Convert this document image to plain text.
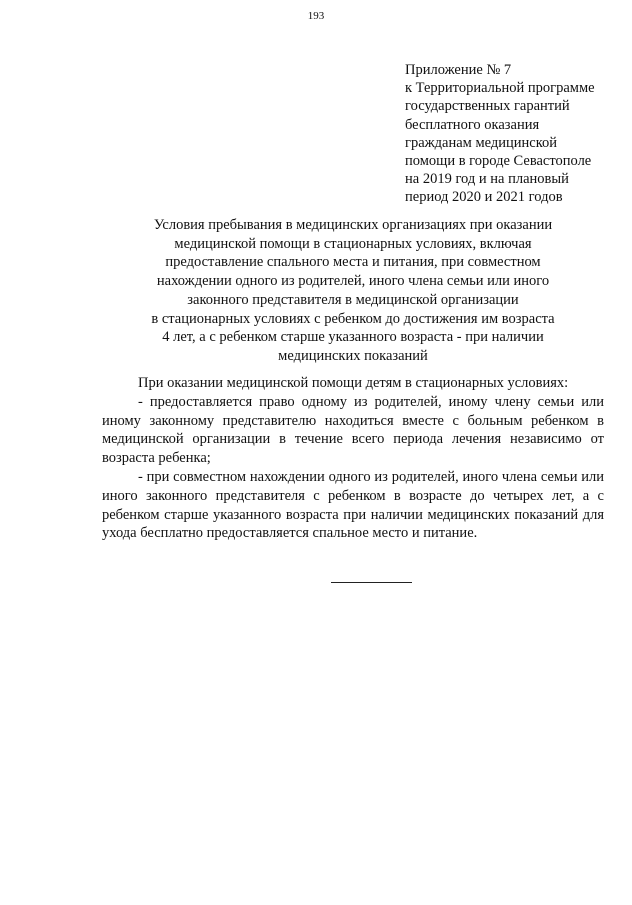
193
Приложение № 7
к Территориальной программе
государственных гарантий
бесплатного оказания
гражданам медицинской
помощи в городе Севастополе
на 2019 год и на плановый
период 2020 и 2021 годов
Условия пребывания в медицинских организациях при оказании
медицинской помощи в стационарных условиях, включая
предоставление спального места и питания, при совместном
нахождении одного из родителей, иного члена семьи или иного
законного представителя в медицинской организации
в стационарных условиях с ребенком до достижения им возраста
4 лет, а с ребенком старше указанного возраста - при наличии
медицинских показаний

При оказании медицинской помощи детям в стационарных условиях:

- предоставляется право одному из родителей, иному члену семьи или иному законному представителю находиться вместе с больным ребенком в медицинской организации в течение всего периода лечения независимо от возраста ребенка;

- при совместном нахождении одного из родителей, иного члена семьи или иного законного представителя с ребенком в возрасте до четырех лет, а с ребенком старше указанного возраста при наличии медицинских показаний для ухода бесплатно предоставляется спальное место и питание.
